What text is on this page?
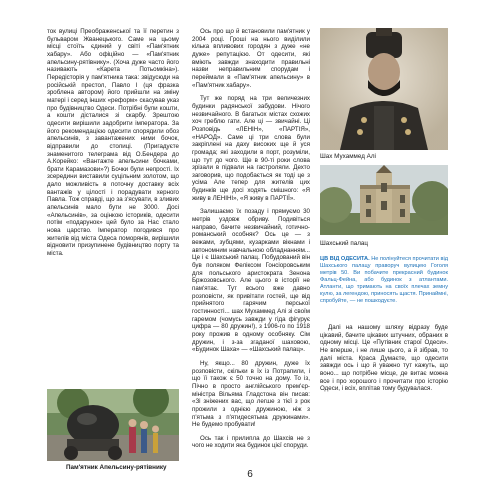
ток вулиці Преображенської та її перетин з бульваром Жванецького. Саме на цьому місці стоїть єдиний у світі «Пам'ятник хабару». Або офіційно — «Пам'ятник апельсину-рятівнику». (Хоча дуже часто його називають «Карета Потьомкіна»). Передісторія у пам'ятника така: звідусюди на російській престол, Павло І (ця фразка зроблена автором) його прийшли на зміну матері і серед інших «реформ» скасував указ про будівництво Одеси. Потрібні були кошти, а кошти дісталися зі скарбу. Зрештою одесити вирішили задобрити імператора. За його рекомендацією одесити спорядили обоз апельсинів, з завантажених ними бочок, відправили до столиці. (Пригадуєте знаменитого телеграма від О.Бендера до А.Корейко: «Вантажте апельсини бочками, брати Карамазови»?) Бочки були непрості. Іх зсередини виставили суцільним золотом, що дало можливість в поточну доставку всіх вантажів у цілості і порадувати херного Павла. Тож справді, що за з'ясувати, в зливих апельсинів мало бути не 3000. Досі «Апельсинів», за оцінкою істориків, одесити потім «подарунок» цей було за Нас стало нова царство. Імператор погодився про жителів від міста Одеса поморянів, вирішили відновити призупинене будівництво порту та міста.

Пам'ятник Апельсину-рятівнику

Ось про що й встановили пам'ятник у 2004 році. Гроші на нього виділили кілька впливових городян з дуже «не дуже» репутацією. От одесити, які вміють завжди знаходити правильні назви неправильним спорудам і переймали в «Пам'ятник апельсину» в «Пам'ятник хабару».

Тут же поряд на три величезних будинки радянської забудови. Нічого незвичайного. В багатьох містах схожих хоч греблю гати. Але ці — звичайні. Ці Розповідь «ЛЕНІН», «ПАРТІЯ», «НАРОД». Саме ці три слова були закріплені на даху високих ще й уся громада; які заходили в порт, розуміли, що тут до чого. Ще в 90-ті роки слова зрізали в підвали на гастроляли. Дехто заговорив, що подобається як тоді це з усіма Але тепер для жителів цих будинків ще досі ходять смішного: «Я живу в ЛЕНІНІ», «Я живу в ПАРТІЇ».

Залишаємо їх позаду і прямуємо 30 метрів уздовж обриву. Подивіться направо, бачите незвичайний, готично-романський особняк? Ось це — з вежами, зубцями, кузарками вікнами і автономним навчальною обладнанням... Це і є Шахський палац. Побудований він був поляком Феліксом Гонсіоровським для польського аристократа Зенона Бржозовського. Але цього в історії не пам'ятає. Тут всього вже давно розповісти, як привітати гостей, ще від прийнятого гарячим перської гостинності... шах Мухаммед Алі зі своїм гаремом (чомусь завжди у гіда фігурує цифра — 80 дружин!), з 1906-го по 1918 року прожив в одному особняку. Сім дружин, і з-за згаданої шаховою, «Будинок Шаха» — «Шахський палац».

Ну, якщо... 80 дружин, дуже їх розповісти, скільки в їх із Потрапили, і що її також є 50 точно на дому. То із, Пічно в просто англійського прем'єр-міністра Вільяма Гладстона він писав: «Зі зніжених вас, що легше з тієї з рок прожили з однією дружиною, ніж з п'ятьма з п'ятидесятьма дружинами». Не будемо пробувати!

Ось так і прилипла до Шахсів не з чого не ходити яка будинок цієї споруди.

Шах Мухаммед Алі
Шахський палац
ЦВ ВІД ОДЕСИТА. Не полінуйтеся прочитати від Шахського палацу праворуч вулицею Гоголя метрів 50. Ви побачите прекрасний будинок Фальц-Фейна, або будинок з атлантами. Атланти, що тримають на своїх плечах земну кулю, за легендою, приносять щастя. Принаймні, спробуйте, — не пошкодуєте.

Далі на нашому шляху відразу буде цікавий, бачите цікавих штучних, обраних в одному місці. Це «Путівник старої Одеси». Не вперше, і не лише цього, а й зібрав, то далі міста. Краса Думаєте, що одесити завжди ось і що й уважно тут кажуть, що воно... що потрібне місце, де витає можна все і про хорошого і прочитати про історію Одеси, і всіх, вплітав тому будувалася.

6
